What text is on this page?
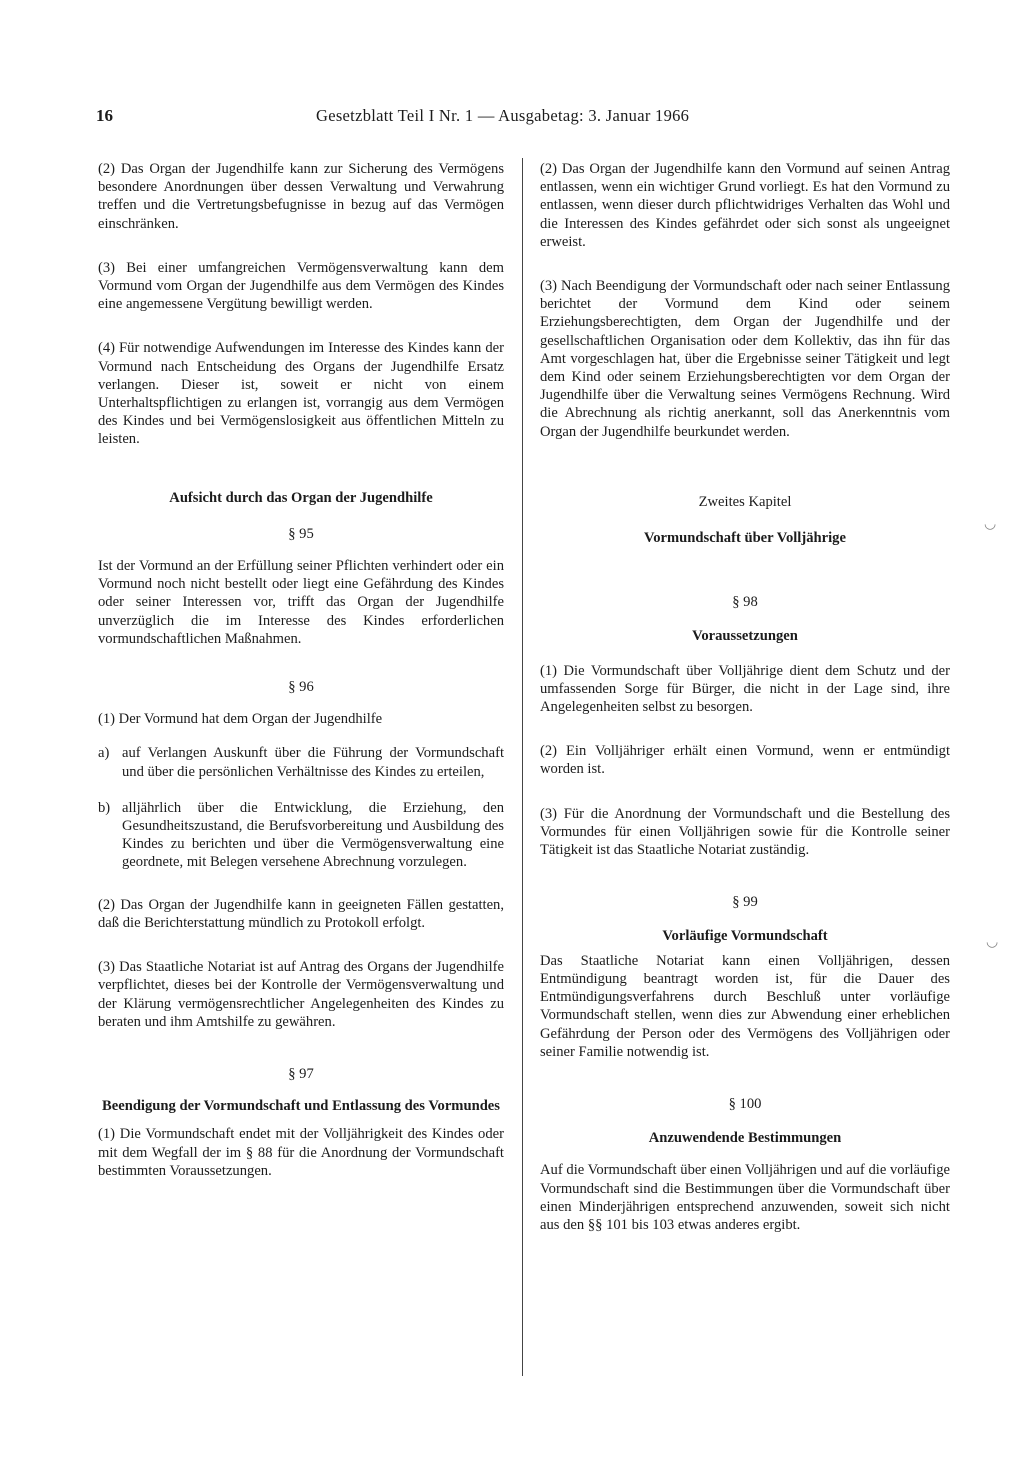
16	Gesetzblatt Teil I Nr. 1 — Ausgabetag: 3. Januar 1966

(2) Das Organ der Jugendhilfe kann zur Sicherung des Vermögens besondere Anordnungen über dessen Verwaltung und Verwahrung treffen und die Vertretungsbefugnisse in bezug auf das Vermögen einschränken.

(3) Bei einer umfangreichen Vermögensverwaltung kann dem Vormund vom Organ der Jugendhilfe aus dem Vermögen des Kindes eine angemessene Vergütung bewilligt werden.

(4) Für notwendige Aufwendungen im Interesse des Kindes kann der Vormund nach Entscheidung des Organs der Jugendhilfe Ersatz verlangen. Dieser ist, soweit er nicht von einem Unterhaltspflichtigen zu erlangen ist, vorrangig aus dem Vermögen des Kindes und bei Vermögenslosigkeit aus öffentlichen Mitteln zu leisten.

Aufsicht durch das Organ der Jugendhilfe
§ 95

Ist der Vormund an der Erfüllung seiner Pflichten verhindert oder ein Vormund noch nicht bestellt oder liegt eine Gefährdung des Kindes oder seiner Interessen vor, trifft das Organ der Jugendhilfe unverzüglich die im Interesse des Kindes erforderlichen vormundschaftlichen Maßnahmen.

§ 96

(1) Der Vormund hat dem Organ der Jugendhilfe

a) auf Verlangen Auskunft über die Führung der Vormundschaft und über die persönlichen Verhältnisse des Kindes zu erteilen,
b) alljährlich über die Entwicklung, die Erziehung, den Gesundheitszustand, die Berufsvorbereitung und Ausbildung des Kindes zu berichten und über die Vermögensverwaltung eine geordnete, mit Belegen versehene Abrechnung vorzulegen.

(2) Das Organ der Jugendhilfe kann in geeigneten Fällen gestatten, daß die Berichterstattung mündlich zu Protokoll erfolgt.

(3) Das Staatliche Notariat ist auf Antrag des Organs der Jugendhilfe verpflichtet, dieses bei der Kontrolle der Vermögensverwaltung und der Klärung vermögensrechtlicher Angelegenheiten des Kindes zu beraten und ihm Amtshilfe zu gewähren.

§ 97
Beendigung der Vormundschaft und Entlassung des Vormundes

(1) Die Vormundschaft endet mit der Volljährigkeit des Kindes oder mit dem Wegfall der im § 88 für die Anordnung der Vormundschaft bestimmten Voraussetzungen.

(2) Das Organ der Jugendhilfe kann den Vormund auf seinen Antrag entlassen, wenn ein wichtiger Grund vorliegt. Es hat den Vormund zu entlassen, wenn dieser durch pflichtwidriges Verhalten das Wohl und die Interessen des Kindes gefährdet oder sich sonst als ungeeignet erweist.

(3) Nach Beendigung der Vormundschaft oder nach seiner Entlassung berichtet der Vormund dem Kind oder seinem Erziehungsberechtigten, dem Organ der Jugendhilfe und der gesellschaftlichen Organisation oder dem Kollektiv, das ihn für das Amt vorgeschlagen hat, über die Ergebnisse seiner Tätigkeit und legt dem Kind oder seinem Erziehungsberechtigten vor dem Organ der Jugendhilfe über die Verwaltung seines Vermögens Rechnung. Wird die Abrechnung als richtig anerkannt, soll das Anerkenntnis vom Organ der Jugendhilfe beurkundet werden.

Zweites Kapitel
Vormundschaft über Volljährige
§ 98
Voraussetzungen

(1) Die Vormundschaft über Volljährige dient dem Schutz und der umfassenden Sorge für Bürger, die nicht in der Lage sind, ihre Angelegenheiten selbst zu besorgen.

(2) Ein Volljähriger erhält einen Vormund, wenn er entmündigt worden ist.

(3) Für die Anordnung der Vormundschaft und die Bestellung des Vormundes für einen Volljährigen sowie für die Kontrolle seiner Tätigkeit ist das Staatliche Notariat zuständig.

§ 99
Vorläufige Vormundschaft

Das Staatliche Notariat kann einen Volljährigen, dessen Entmündigung beantragt worden ist, für die Dauer des Entmündigungsverfahrens durch Beschluß unter vorläufige Vormundschaft stellen, wenn dies zur Abwendung einer erheblichen Gefährdung der Person oder des Vermögens des Volljährigen oder seiner Familie notwendig ist.

§ 100
Anzuwendende Bestimmungen

Auf die Vormundschaft über einen Volljährigen und auf die vorläufige Vormundschaft sind die Bestimmungen über die Vormundschaft über einen Minderjährigen entsprechend anzuwenden, soweit sich nicht aus den §§ 101 bis 103 etwas anderes ergibt.

◡
◡
